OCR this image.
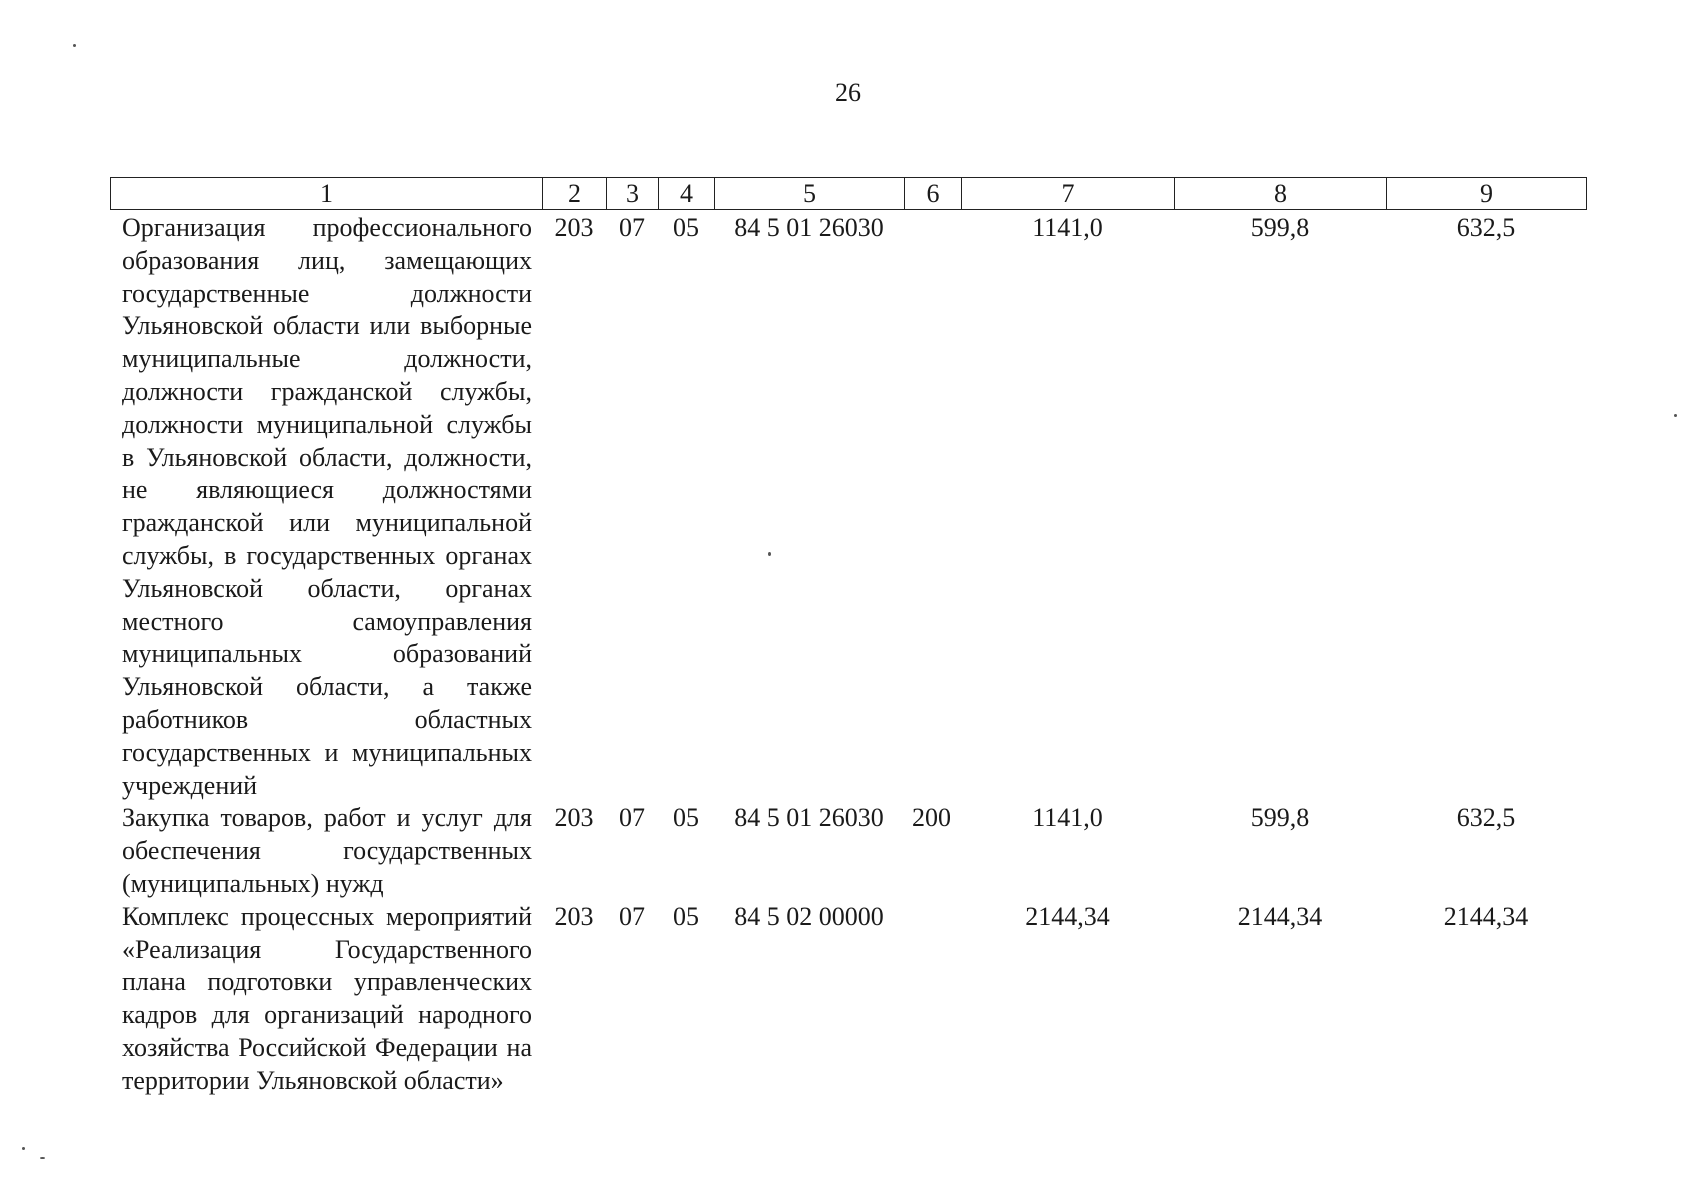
26
1	2	3	4	5	6	7	8	9
Организация профессионального образования лиц, замещающих государственные должности Ульяновской области или выборные муниципальные должности, должности гражданской службы, должности муниципальной службы в Ульяновской области, должности, не являющиеся должностями гражданской или муниципальной службы, в государственных органах Ульяновской области, органах местного самоуправления муниципальных образований Ульяновской области, а также работников областных государственных и муниципальных учреждений	203	07	05	84 5 01 26030		1141,0	599,8	632,5
Закупка товаров, работ и услуг для обеспечения государственных (муниципальных) нужд	203	07	05	84 5 01 26030	200	1141,0	599,8	632,5
Комплекс процессных мероприятий «Реализация Государственного плана подготовки управленческих кадров для организаций народного хозяйства Российской Федерации на территории Ульяновской области»	203	07	05	84 5 02 00000		2144,34	2144,34	2144,34
